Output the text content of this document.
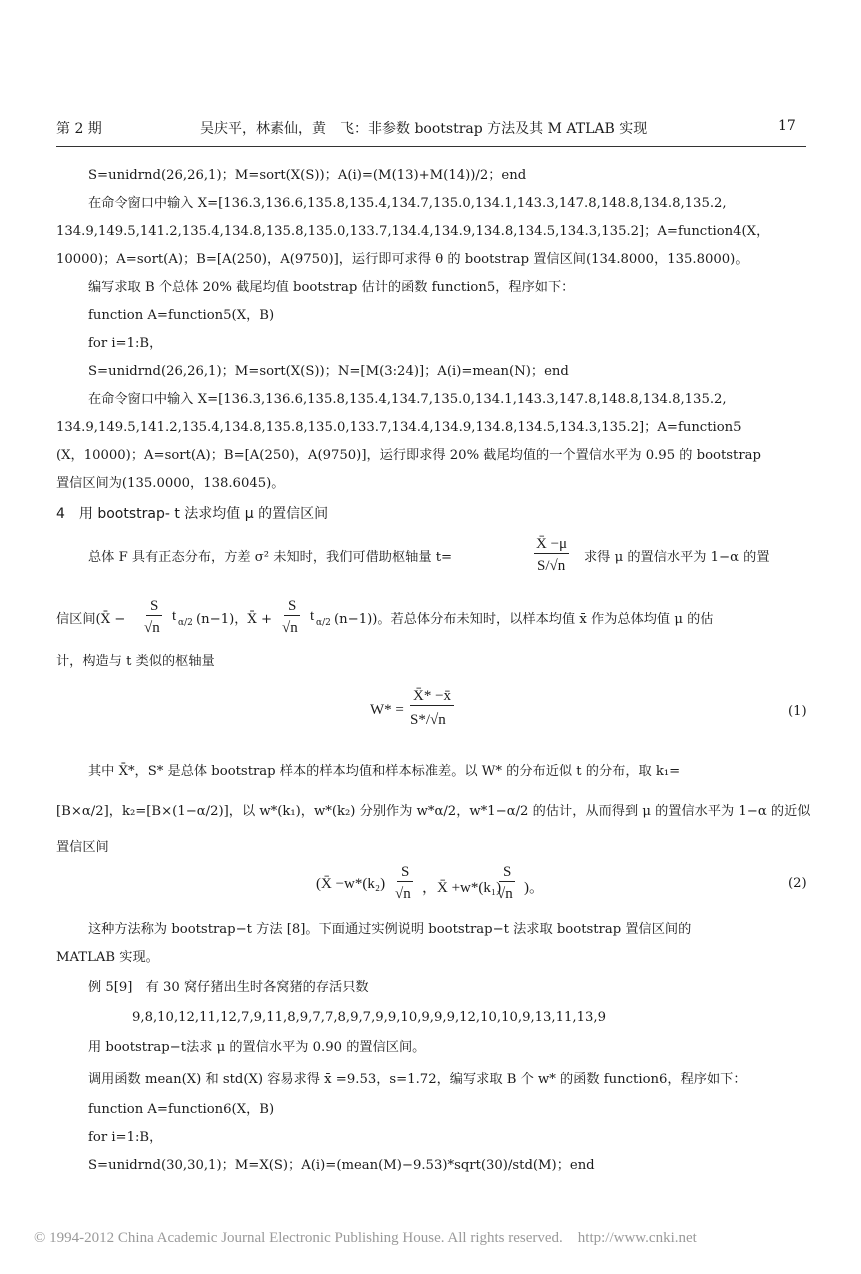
第 2 期	吴庆平，林素仙，黄　飞：非参数 bootstrap 方法及其 M ATLAB 实现	17
S=unidrnd(26,26,1)；M=sort(X(S))；A(i)=(M(13)+M(14))/2；end
在命令窗口中输入 X=[136.3,136.6,135.8,135.4,134.7,135.0,134.1,143.3,147.8,148.8,134.8,135.2,
134.9,149.5,141.2,135.4,134.8,135.8,135.0,133.7,134.4,134.9,134.8,134.5,134.3,135.2]；A=function4(X，
10000)；A=sort(A)；B=[A(250)，A(9750)]，运行即可求得 θ 的 bootstrap 置信区间(134.8000，135.8000)。
编写求取 B 个总体 20% 截尾均值 bootstrap 估计的函数 function5，程序如下：
function A=function5(X，B)
for i=1:B，
S=unidrnd(26,26,1)；M=sort(X(S))；N=[M(3:24)]；A(i)=mean(N)；end
在命令窗口中输入 X=[136.3,136.6,135.8,135.4,134.7,135.0,134.1,143.3,147.8,148.8,134.8,135.2,
134.9,149.5,141.2,135.4,134.8,135.8,135.0,133.7,134.4,134.9,134.8,134.5,134.3,135.2]；A=function5
(X，10000)；A=sort(A)；B=[A(250)，A(9750)]，运行即求得 20% 截尾均值的一个置信水平为 0.95 的 bootstrap
置信区间为(135.0000，138.6045)。
4　用 bootstrap- t 法求均值 μ 的置信区间
总体 F 具有正态分布，方差 σ² 未知时，我们可借助枢轴量 t=
X̄ −μ
S/√n
求得 μ 的置信水平为 1−α 的置
信区间(X̄ −
S
√n
t α/2 (n−1)，X̄ +
S
√n
t α/2 (n−1))。若总体分布未知时，以样本均值 x̄ 作为总体均值 μ 的估
计，构造与 t 类似的枢轴量
W* =
X̄* −x̄
S*/√n
(1)
其中 X̄*，S* 是总体 bootstrap 样本的样本均值和样本标准差。以 W* 的分布近似 t 的分布，取 k₁=
[B×α/2]，k₂=[B×(1−α/2)]，以 w*(k₁)，w*(k₂) 分别作为 w*α/2，w*1−α/2 的估计，从而得到 μ 的置信水平为 1−α 的近似
置信区间
(X̄ −w*(k₂)
S
√n ，X̄ +w*(k₁)
S
√n )。	(2)
这种方法称为 bootstrap−t 方法 [8]。下面通过实例说明 bootstrap−t 法求取 bootstrap 置信区间的
MATLAB 实现。
例 5[9]　有 30 窝仔猪出生时各窝猪的存活只数
9,8,10,12,11,12,7,9,11,8,9,7,7,8,9,7,9,9,10,9,9,9,12,10,10,9,13,11,13,9
用 bootstrap−t法求 μ 的置信水平为 0.90 的置信区间。
调用函数 mean(X) 和 std(X) 容易求得 x̄ =9.53，s=1.72，编写求取 B 个 w* 的函数 function6，程序如下：
function A=function6(X，B)
for i=1:B，
S=unidrnd(30,30,1)；M=X(S)；A(i)=(mean(M)−9.53)*sqrt(30)/std(M)；end
© 1994-2012 China Academic Journal Electronic Publishing House. All rights reserved.　http://www.cnki.net
